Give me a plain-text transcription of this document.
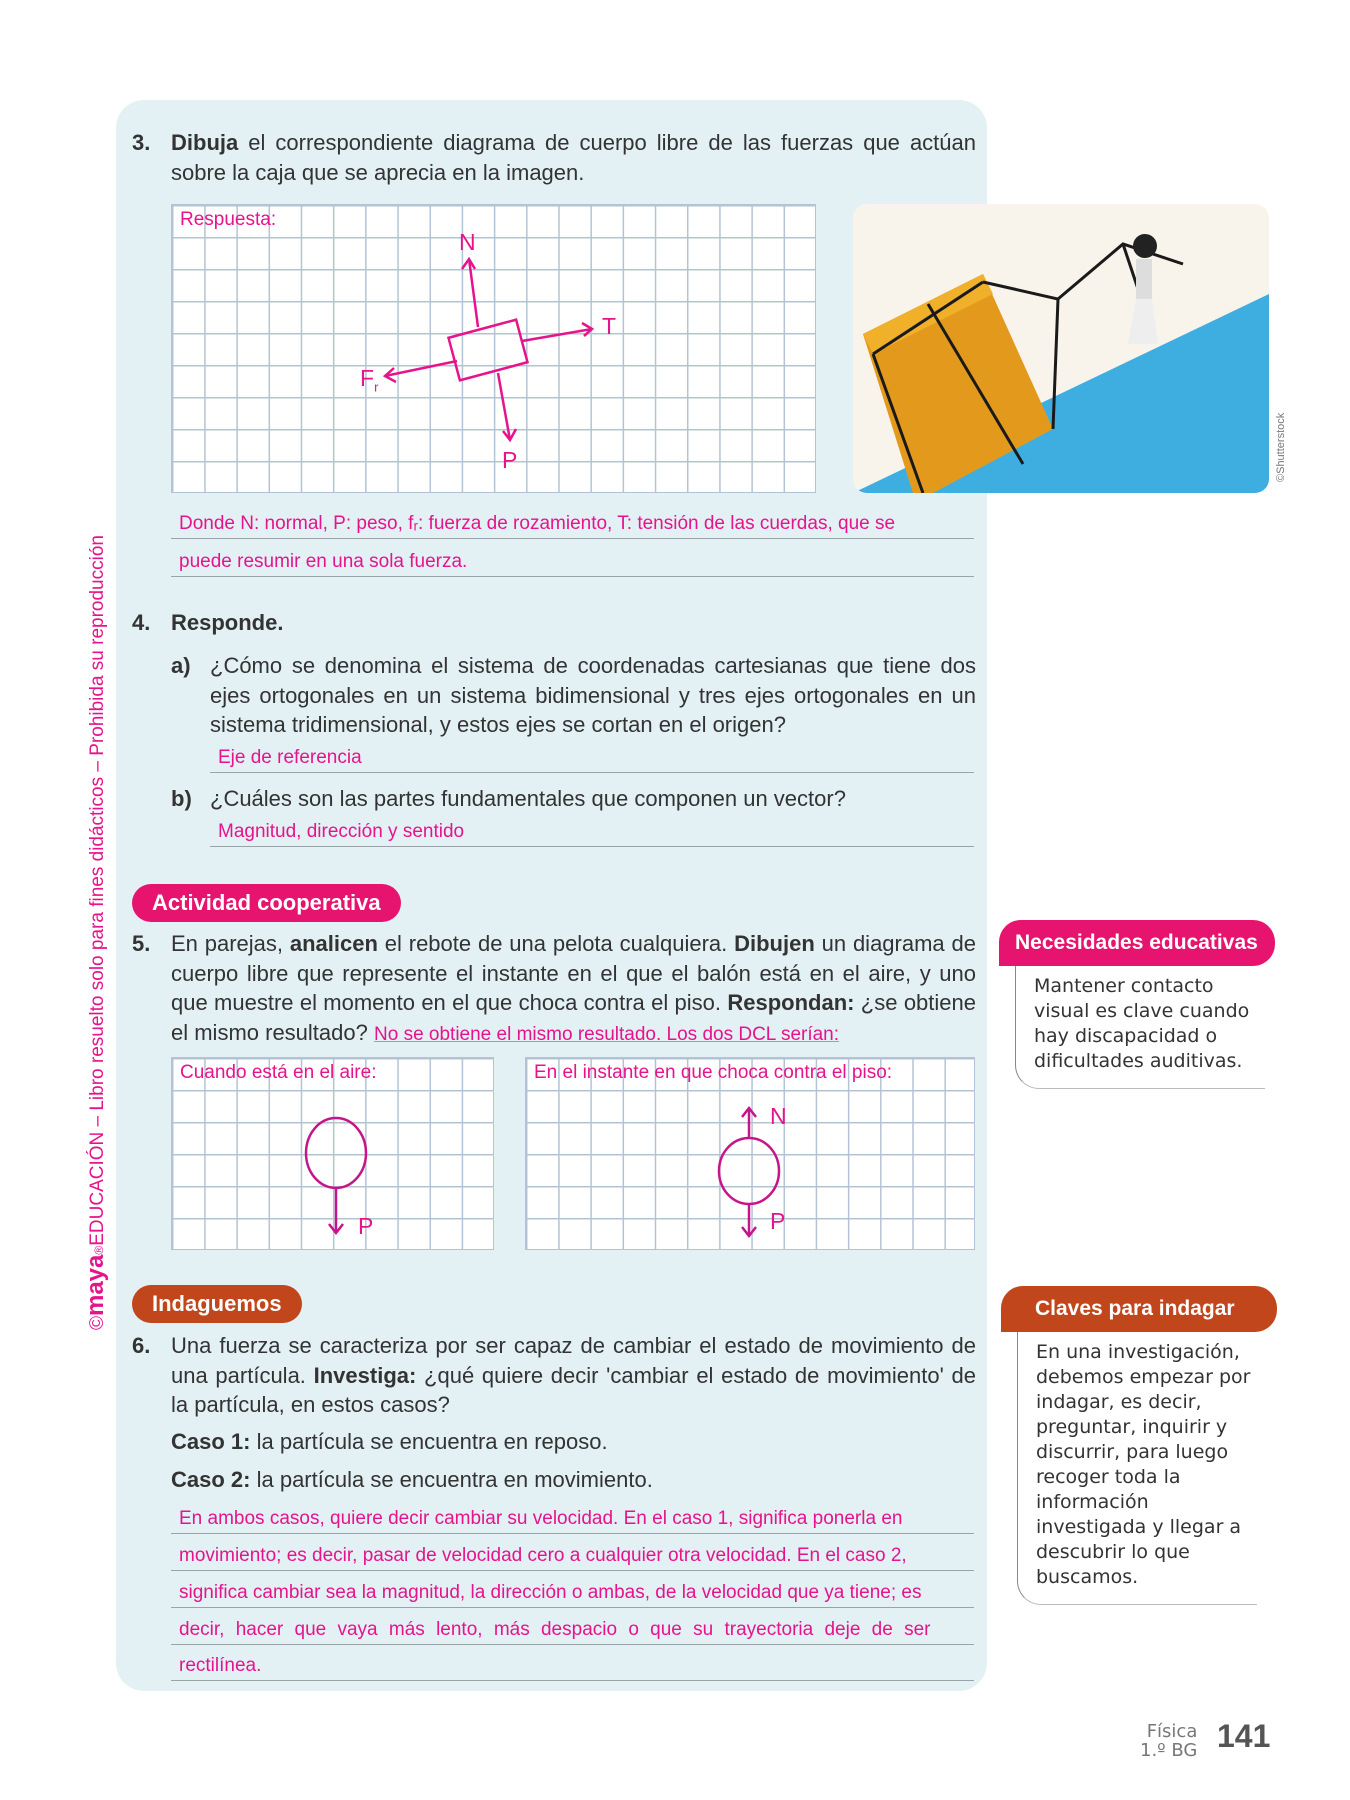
©maya®EDUCACIÓN – Libro resuelto solo para fines didácticos – Prohibida su reproducción
3. Dibuja el correspondiente diagrama de cuerpo libre de las fuerzas que actúan sobre la caja que se aprecia en la imagen.
Respuesta:
N
T
$F_r$
P	©Shutterstock
Donde N: normal, P: peso, fᵣ: fuerza de rozamiento, T: tensión de las cuerdas, que se
puede resumir en una sola fuerza.
4. Responde.
a) ¿Cómo se denomina el sistema de coordenadas cartesianas que tiene dos ejes ortogonales en un sistema bidimensional y tres ejes ortogonales en un sistema tridimensional, y estos ejes se cortan en el origen?
Eje de referencia
b) ¿Cuáles son las partes fundamentales que componen un vector?
Magnitud, dirección y sentido
Actividad cooperativa
5. En parejas, analicen el rebote de una pelota cualquiera. Dibujen un diagrama de cuerpo libre que represente el instante en el que el balón está en el aire, y uno que muestre el momento en el que choca contra el piso. Respondan: ¿se obtiene el mismo resultado? No se obtiene el mismo resultado. Los dos DCL serían:
Cuando está en el aire:
P
En el instante en que choca contra el piso:
N
P
Indaguemos
6. Una fuerza se caracteriza por ser capaz de cambiar el estado de movimiento de una partícula. Investiga: ¿qué quiere decir 'cambiar el estado de movimiento' de la partícula, en estos casos?
Caso 1: la partícula se encuentra en reposo.
Caso 2: la partícula se encuentra en movimiento.
En ambos casos, quiere decir cambiar su velocidad. En el caso 1, significa ponerla en
movimiento; es decir, pasar de velocidad cero a cualquier otra velocidad. En el caso 2,
significa cambiar sea la magnitud, la dirección o ambas, de la velocidad que ya tiene; es
decir, hacer que vaya más lento, más despacio o que su trayectoria deje de ser
rectilínea.
Necesidades educativas
Mantener contacto visual es clave cuando hay discapacidad o dificultades auditivas.
Claves para indagar
En una investigación, debemos empezar por indagar, es decir, preguntar, inquirir y discurrir, para luego recoger toda la información investigada y llegar a descubrir lo que buscamos.
Física
1.º BG 141
